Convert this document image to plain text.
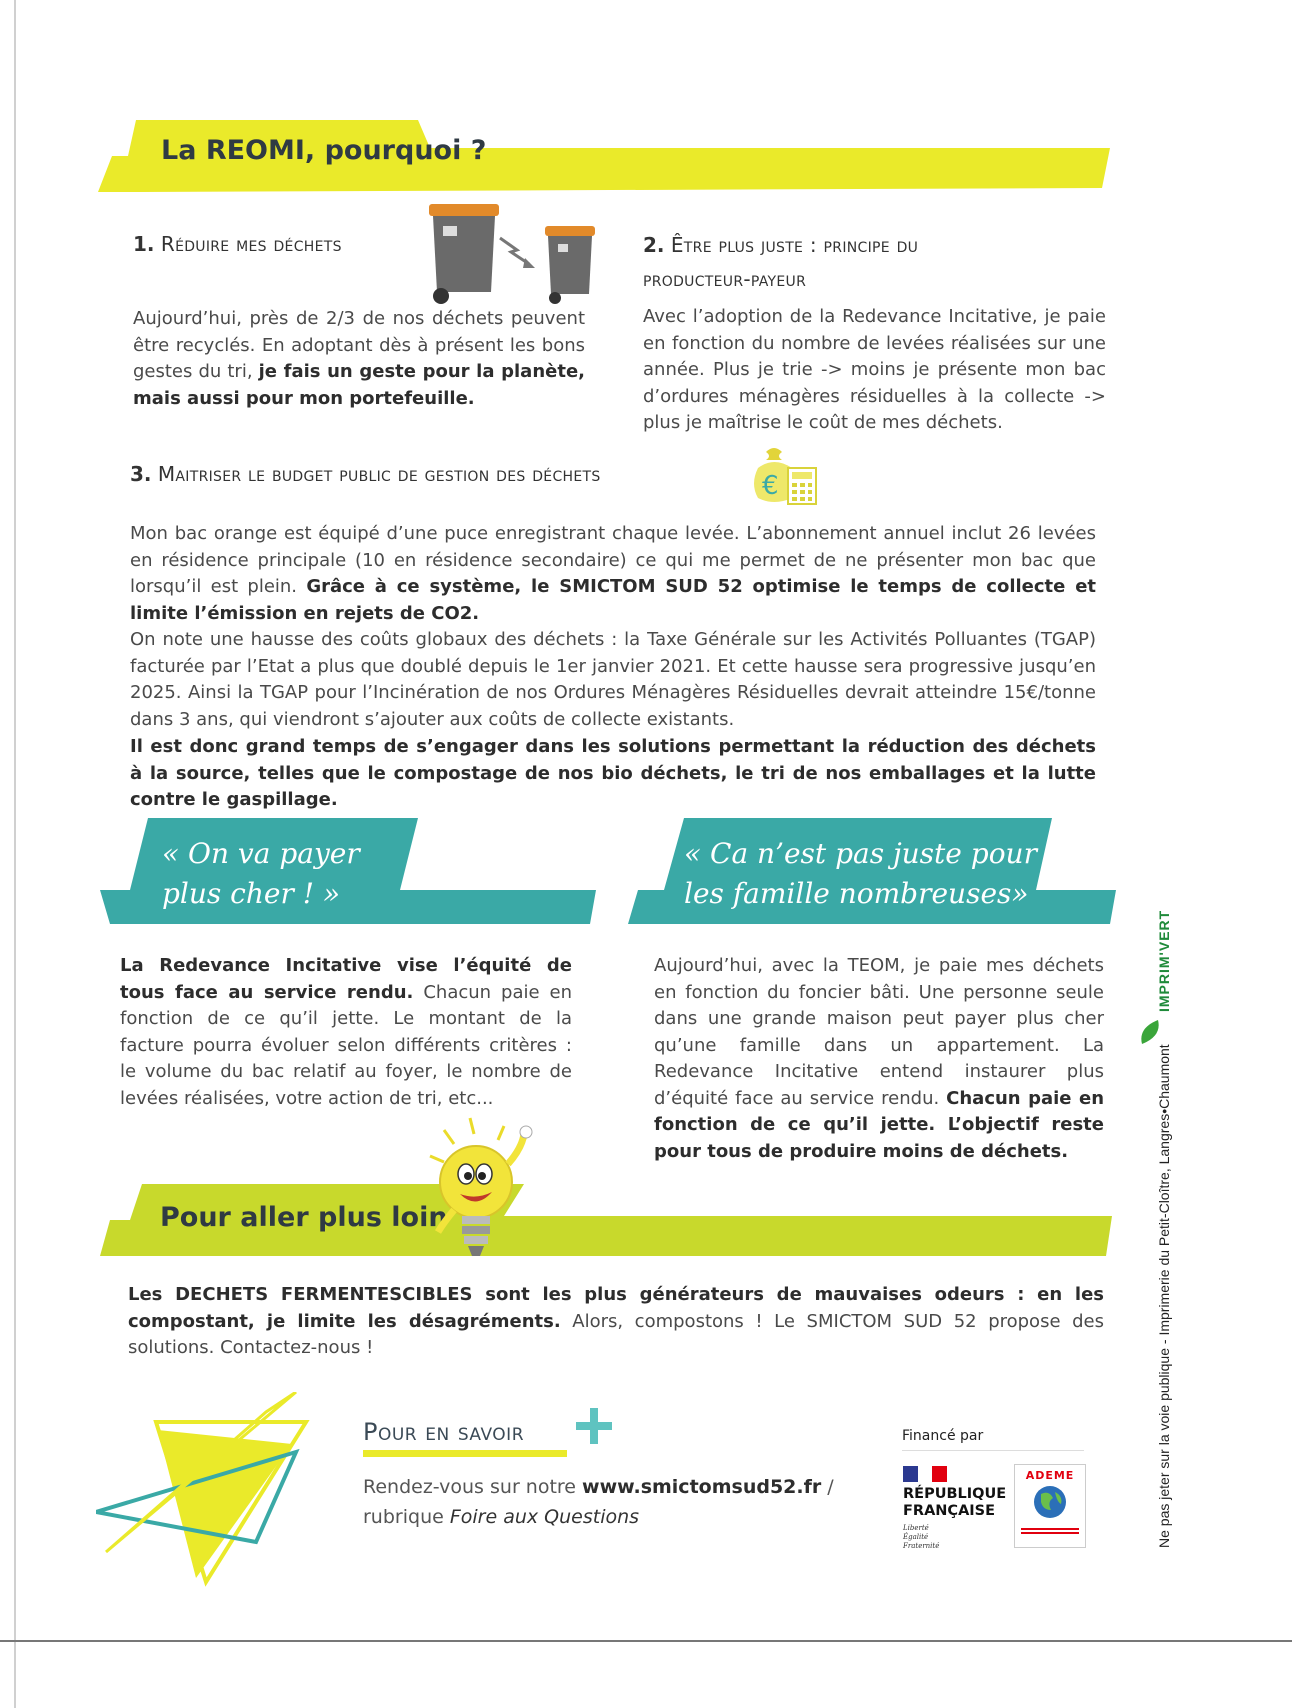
La REOMI, pourquoi ?
1. Réduire mes déchets
Aujourd’hui, près de 2/3 de nos déchets peuvent être recyclés. En adoptant dès à présent les bons gestes du tri, je fais un geste pour la planète, mais aussi pour mon portefeuille.
2. Être plus juste : principe du
producteur-payeur
Avec l’adoption de la Redevance Incitative, je paie en fonction du nombre de levées réalisées sur une année. Plus je trie -> moins je présente mon bac d’ordures ménagères résiduelles à la collecte -> plus je maîtrise le coût de mes déchets.
3. Maitriser le budget public de gestion des déchets	€
Mon bac orange est équipé d’une puce enregistrant chaque levée. L’abonnement annuel inclut 26 levées en résidence principale (10 en résidence secondaire) ce qui me permet de ne présenter mon bac que lorsqu’il est plein. Grâce à ce système, le SMICTOM SUD 52 optimise le temps de collecte et limite l’émission en rejets de CO2.
On note une hausse des coûts globaux des déchets : la Taxe Générale sur les Activités Polluantes (TGAP) facturée par l’Etat a plus que doublé depuis le 1er janvier 2021. Et cette hausse sera progressive jusqu’en 2025. Ainsi la TGAP pour l’Incinération de nos Ordures Ménagères Résiduelles devrait atteindre 15€/tonne dans 3 ans, qui viendront s’ajouter aux coûts de collecte existants.
Il est donc grand temps de s’engager dans les solutions permettant la réduction des déchets à la source, telles que le compostage de nos bio déchets, le tri de nos emballages et la lutte contre le gaspillage.
« On va payer
plus cher ! »
La Redevance Incitative vise l’équité de tous face au service rendu. Chacun paie en fonction de ce qu’il jette. Le montant de la facture pourra évoluer selon différents critères : le volume du bac relatif au foyer, le nombre de levées réalisées, votre action de tri, etc...
« Ca n’est pas juste pour
les famille nombreuses»
Aujourd’hui, avec la TEOM, je paie mes déchets en fonction du foncier bâti. Une personne seule dans une grande maison peut payer plus cher qu’une famille dans un appartement. La Redevance Incitative entend instaurer plus d’équité face au service rendu. Chacun paie en fonction de ce qu’il jette. L’objectif reste pour tous de produire moins de déchets.
Pour aller plus loin
Les DECHETS FERMENTESCIBLES sont les plus générateurs de mauvaises odeurs : en les compostant, je limite les désagréments. Alors, compostons ! Le SMICTOM SUD 52 propose des solutions. Contactez-nous !
Pour en savoir
Rendez-vous sur notre www.smictomsud52.fr /
rubrique Foire aux Questions
Financé par
RÉPUBLIQUE
FRANÇAISE
Liberté
Égalité
Fraternité
ADEME
IMPRIM'VERT
Ne pas jeter sur la voie publique - Imprimerie du Petit-Cloître, Langres•Chaumont
